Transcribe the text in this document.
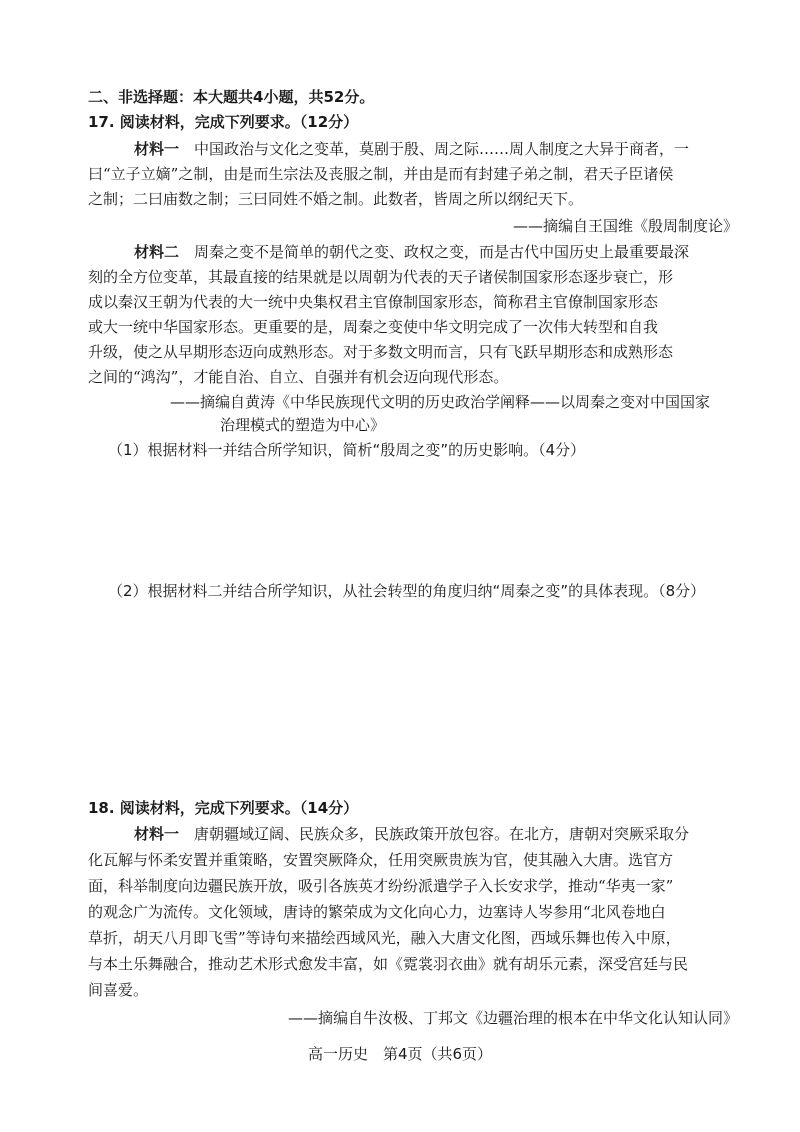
二、非选择题：本大题共4小题，共52分。
17. 阅读材料，完成下列要求。（12分）
材料一　 中国政治与文化之变革，莫剧于殷、周之际……周人制度之大异于商者，一
曰“立子立嫡”之制，由是而生宗法及丧服之制，并由是而有封建子弟之制，君天子臣诸侯
之制；二曰庙数之制；三曰同姓不婚之制。此数者，皆周之所以纲纪天下。
——摘编自王国维《殷周制度论》
材料二　 周秦之变不是简单的朝代之变、政权之变，而是古代中国历史上最重要最深
刻的全方位变革，其最直接的结果就是以周朝为代表的天子诸侯制国家形态逐步衰亡，形
成以秦汉王朝为代表的大一统中央集权君主官僚制国家形态，简称君主官僚制国家形态
或大一统中华国家形态。更重要的是，周秦之变使中华文明完成了一次伟大转型和自我
升级，使之从早期形态迈向成熟形态。对于多数文明而言，只有飞跃早期形态和成熟形态
之间的“鸿沟”，才能自治、自立、自强并有机会迈向现代形态。
——摘编自黄涛《中华民族现代文明的历史政治学阐释——以周秦之变对中国国家
治理模式的塑造为中心》
（1）根据材料一并结合所学知识，简析“殷周之变”的历史影响。（4分）
（2）根据材料二并结合所学知识，从社会转型的角度归纳“周秦之变”的具体表现。（8分）
18. 阅读材料，完成下列要求。（14分）
材料一　 唐朝疆域辽阔、民族众多，民族政策开放包容。在北方，唐朝对突厥采取分
化瓦解与怀柔安置并重策略，安置突厥降众，任用突厥贵族为官，使其融入大唐。选官方
面，科举制度向边疆民族开放，吸引各族英才纷纷派遣学子入长安求学，推动“华夷一家”
的观念广为流传。文化领域，唐诗的繁荣成为文化向心力，边塞诗人岑参用“北风卷地白
草折，胡天八月即飞雪”等诗句来描绘西域风光，融入大唐文化图，西域乐舞也传入中原，
与本土乐舞融合，推动艺术形式愈发丰富，如《霓裳羽衣曲》就有胡乐元素，深受宫廷与民
间喜爱。
——摘编自牛汝极、丁邦文《边疆治理的根本在中华文化认知认同》
高一历史　第4页（共6页）
